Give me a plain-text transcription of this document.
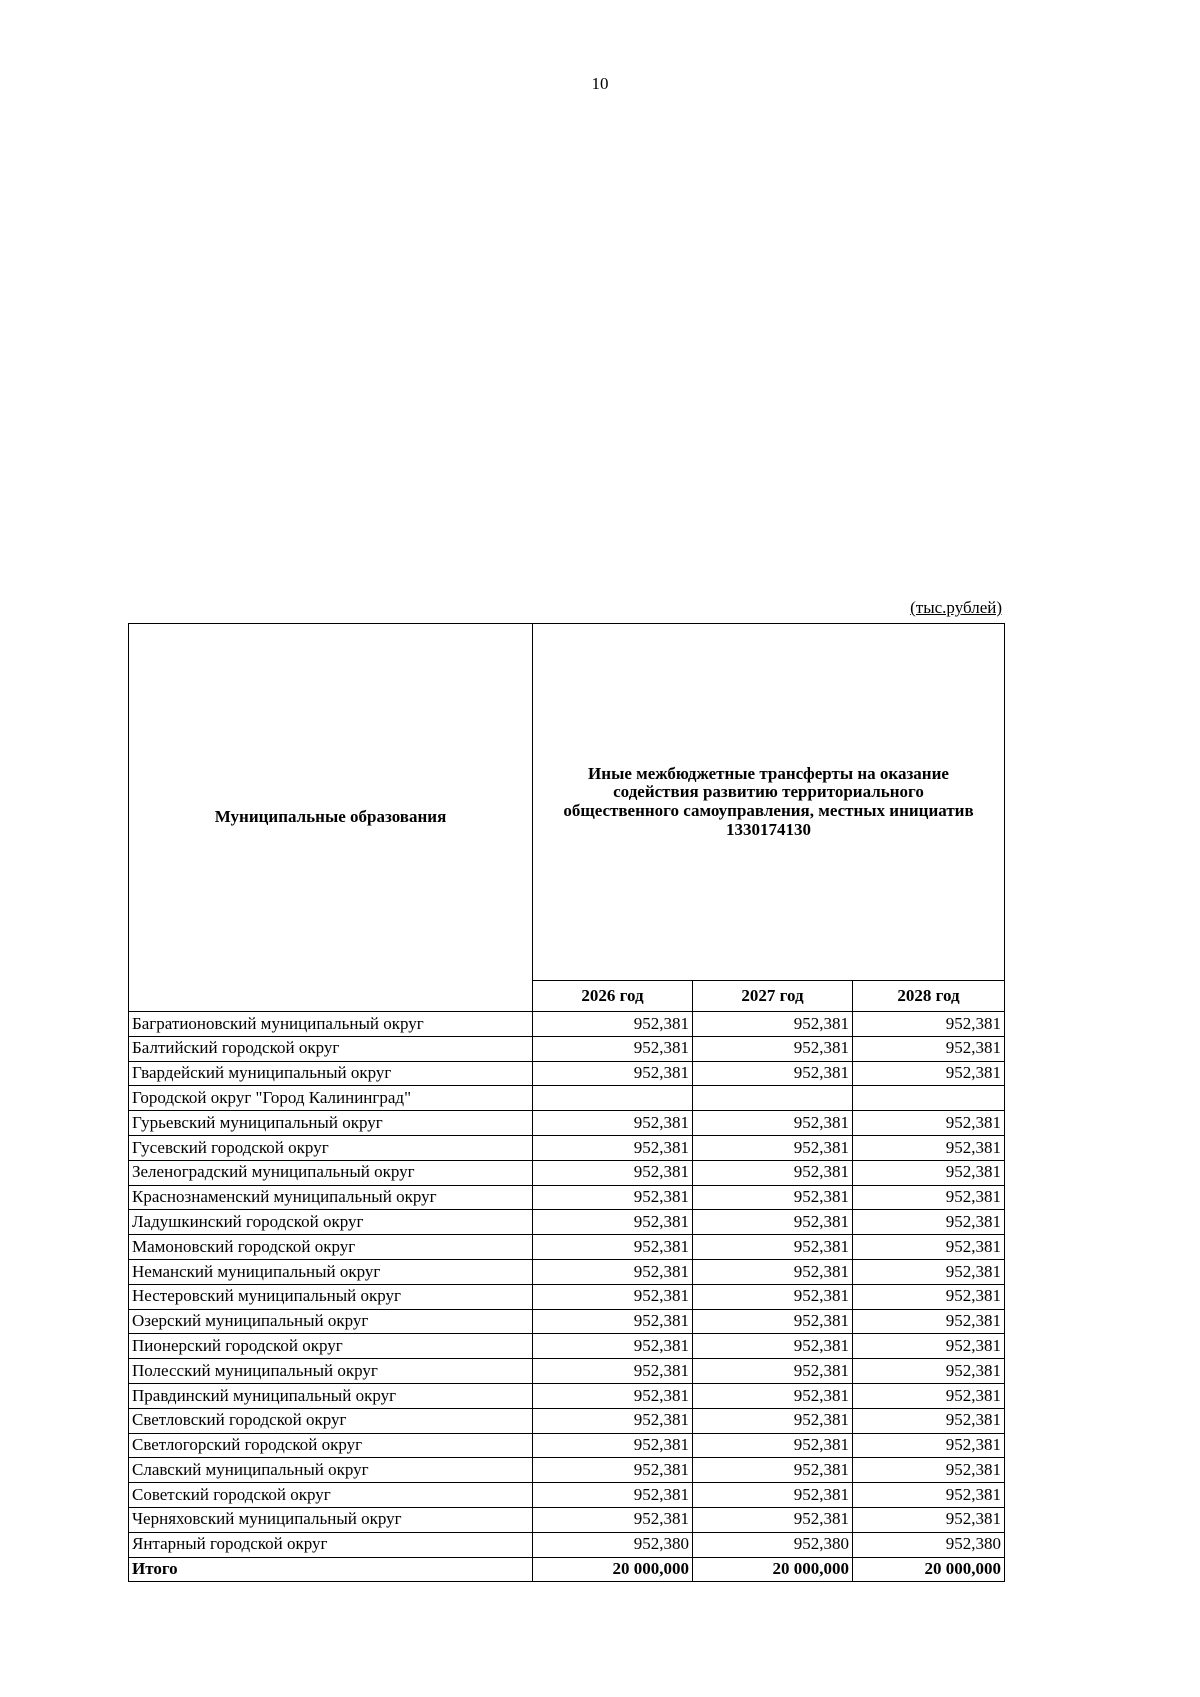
10
(тыс.рублей)
Муниципальные образования	Иные межбюджетные трансферты на оказание
содействия развитию территориального
общественного самоуправления, местных инициатив
1330174130		

	2026 год	2027 год	2028 год
Багратионовский муниципальный округ	952,381	952,381	952,381
Балтийский городской округ	952,381	952,381	952,381
Гвардейский муниципальный округ	952,381	952,381	952,381
Городской округ "Город Калининград"			
Гурьевский муниципальный округ	952,381	952,381	952,381
Гусевский городской округ	952,381	952,381	952,381
Зеленоградский муниципальный округ	952,381	952,381	952,381
Краснознаменский муниципальный округ	952,381	952,381	952,381
Ладушкинский городской округ	952,381	952,381	952,381
Мамоновский городской округ	952,381	952,381	952,381
Неманский муниципальный округ	952,381	952,381	952,381
Нестеровский муниципальный округ	952,381	952,381	952,381
Озерский муниципальный округ	952,381	952,381	952,381
Пионерский городской округ	952,381	952,381	952,381
Полесский муниципальный округ	952,381	952,381	952,381
Правдинский муниципальный округ	952,381	952,381	952,381
Светловский городской округ	952,381	952,381	952,381
Светлогорский городской округ	952,381	952,381	952,381
Славский муниципальный округ	952,381	952,381	952,381
Советский городской округ	952,381	952,381	952,381
Черняховский муниципальный округ	952,381	952,381	952,381
Янтарный городской округ	952,380	952,380	952,380
Итого	20 000,000	20 000,000	20 000,000
